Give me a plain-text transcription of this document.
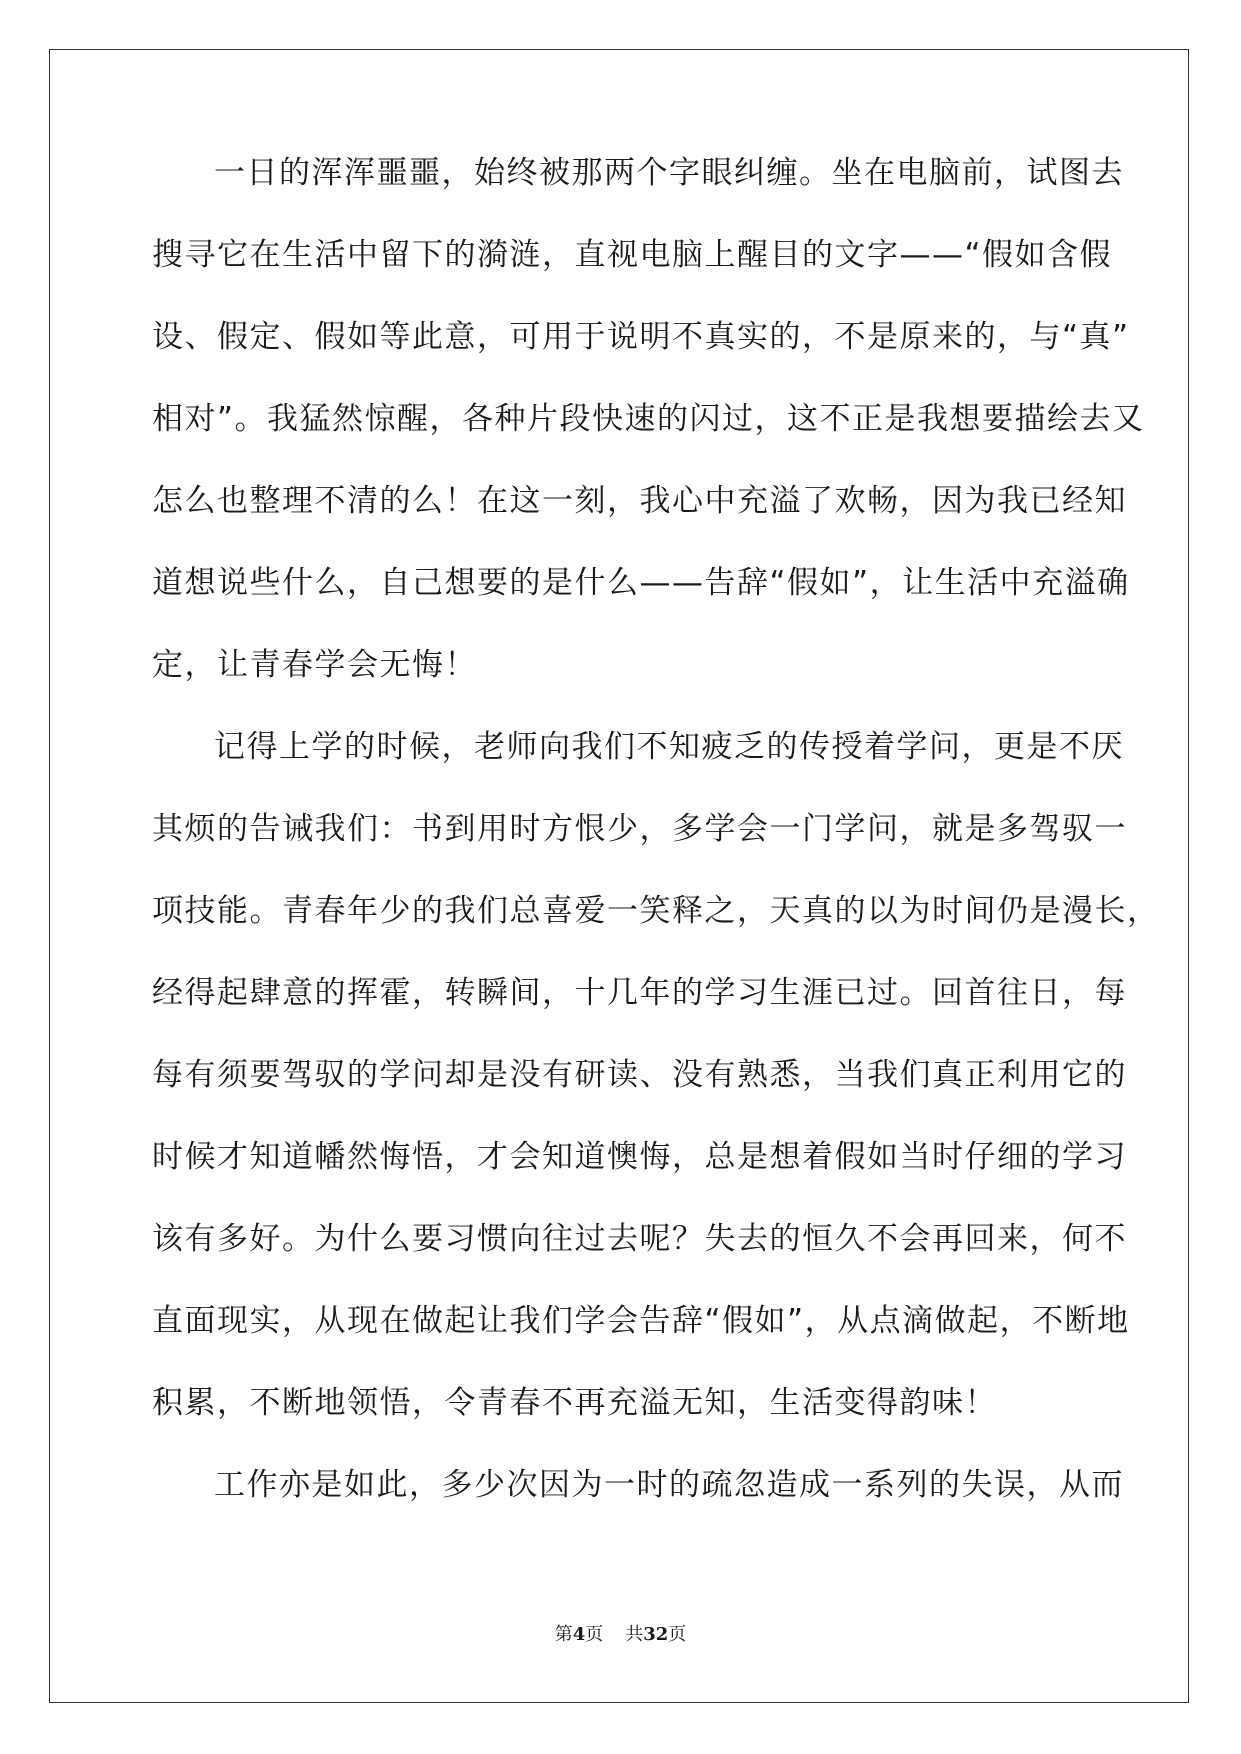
一日的浑浑噩噩，始终被那两个字眼纠缠。坐在电脑前，试图去
搜寻它在生活中留下的漪涟，直视电脑上醒目的文字——“假如含假
设、假定、假如等此意，可用于说明不真实的，不是原来的，与“真”
相对”。我猛然惊醒，各种片段快速的闪过，这不正是我想要描绘去又
怎么也整理不清的么！在这一刻，我心中充溢了欢畅，因为我已经知
道想说些什么，自己想要的是什么——告辞“假如”，让生活中充溢确
定，让青春学会无悔！
记得上学的时候，老师向我们不知疲乏的传授着学问，更是不厌
其烦的告诫我们：书到用时方恨少，多学会一门学问，就是多驾驭一
项技能。青春年少的我们总喜爱一笑释之，天真的以为时间仍是漫长，
经得起肆意的挥霍，转瞬间，十几年的学习生涯已过。回首往日，每
每有须要驾驭的学问却是没有研读、没有熟悉，当我们真正利用它的
时候才知道幡然悔悟，才会知道懊悔，总是想着假如当时仔细的学习
该有多好。为什么要习惯向往过去呢？失去的恒久不会再回来，何不
直面现实，从现在做起让我们学会告辞“假如”，从点滴做起，不断地
积累，不断地领悟，令青春不再充溢无知，生活变得韵味！
工作亦是如此，多少次因为一时的疏忽造成一系列的失误，从而
第4页 共32页
